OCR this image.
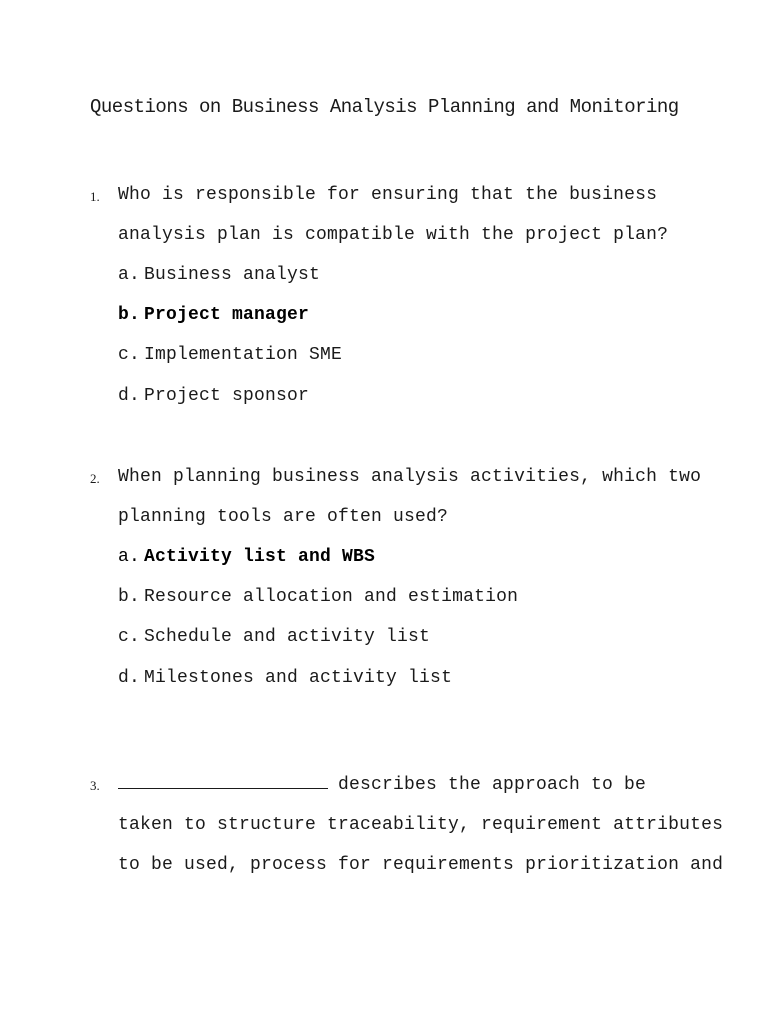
Questions on Business Analysis Planning and Monitoring
1. Who is responsible for ensuring that the business
analysis plan is compatible with the project plan?
a. Business analyst
b. Project manager
c. Implementation SME
d. Project sponsor
2. When planning business analysis activities, which two
planning tools are often used?
a. Activity list and WBS
b. Resource allocation and estimation
c. Schedule and activity list
d. Milestones and activity list
3.	describes the approach to be
taken to structure traceability, requirement attributes
to be used, process for requirements prioritization and
